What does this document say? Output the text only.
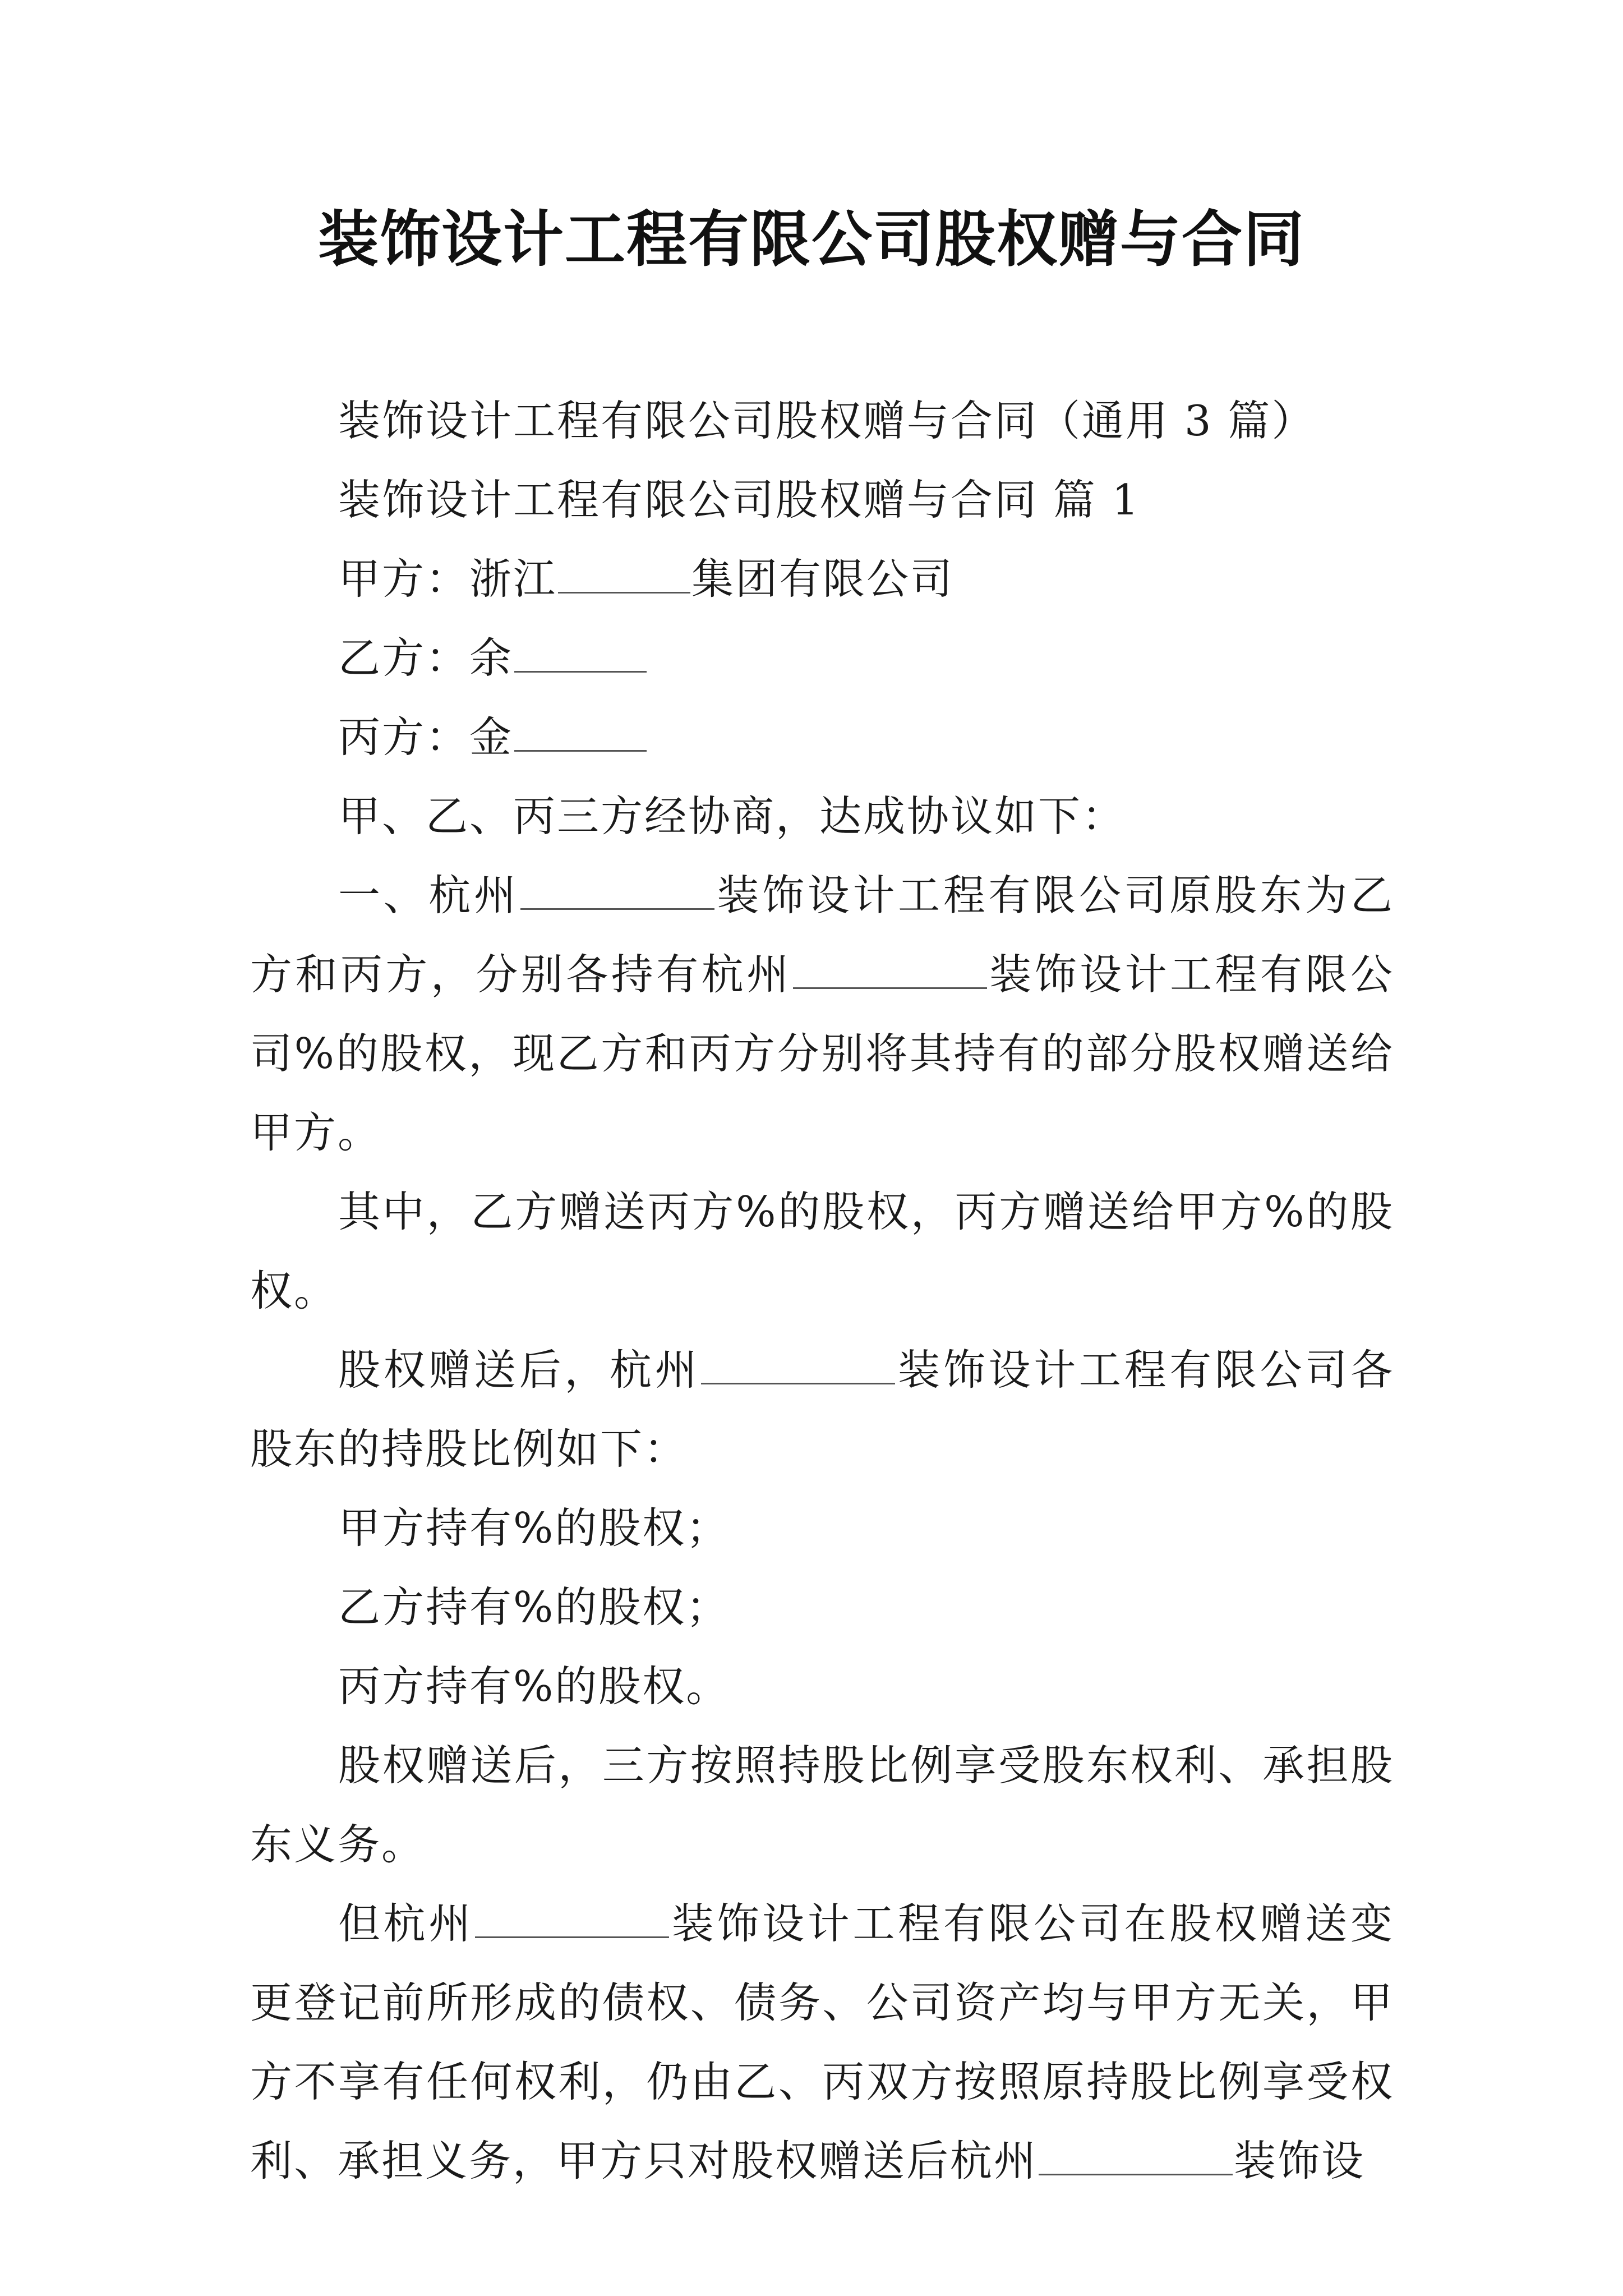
装饰设计工程有限公司股权赠与合同

装饰设计工程有限公司股权赠与合同（通用 3 篇）

装饰设计工程有限公司股权赠与合同 篇 1

甲方：浙江	集团有限公司

乙方：余

丙方：金

甲、乙、丙三方经协商，达成协议如下：

一、杭州	装饰设计工程有限公司原股东为乙方和丙方，分别各持有杭州	装饰设计工程有限公司%的股权，现乙方和丙方分别将其持有的部分股权赠送给甲方。

其中，乙方赠送丙方%的股权，丙方赠送给甲方%的股权。

股权赠送后，杭州	装饰设计工程有限公司各股东的持股比例如下：

甲方持有%的股权；

乙方持有%的股权；

丙方持有%的股权。

股权赠送后，三方按照持股比例享受股东权利、承担股东义务。

但杭州	装饰设计工程有限公司在股权赠送变更登记前所形成的债权、债务、公司资产均与甲方无关，甲方不享有任何权利，仍由乙、丙双方按照原持股比例享受权利、承担义务，甲方只对股权赠送后杭州	装饰设
